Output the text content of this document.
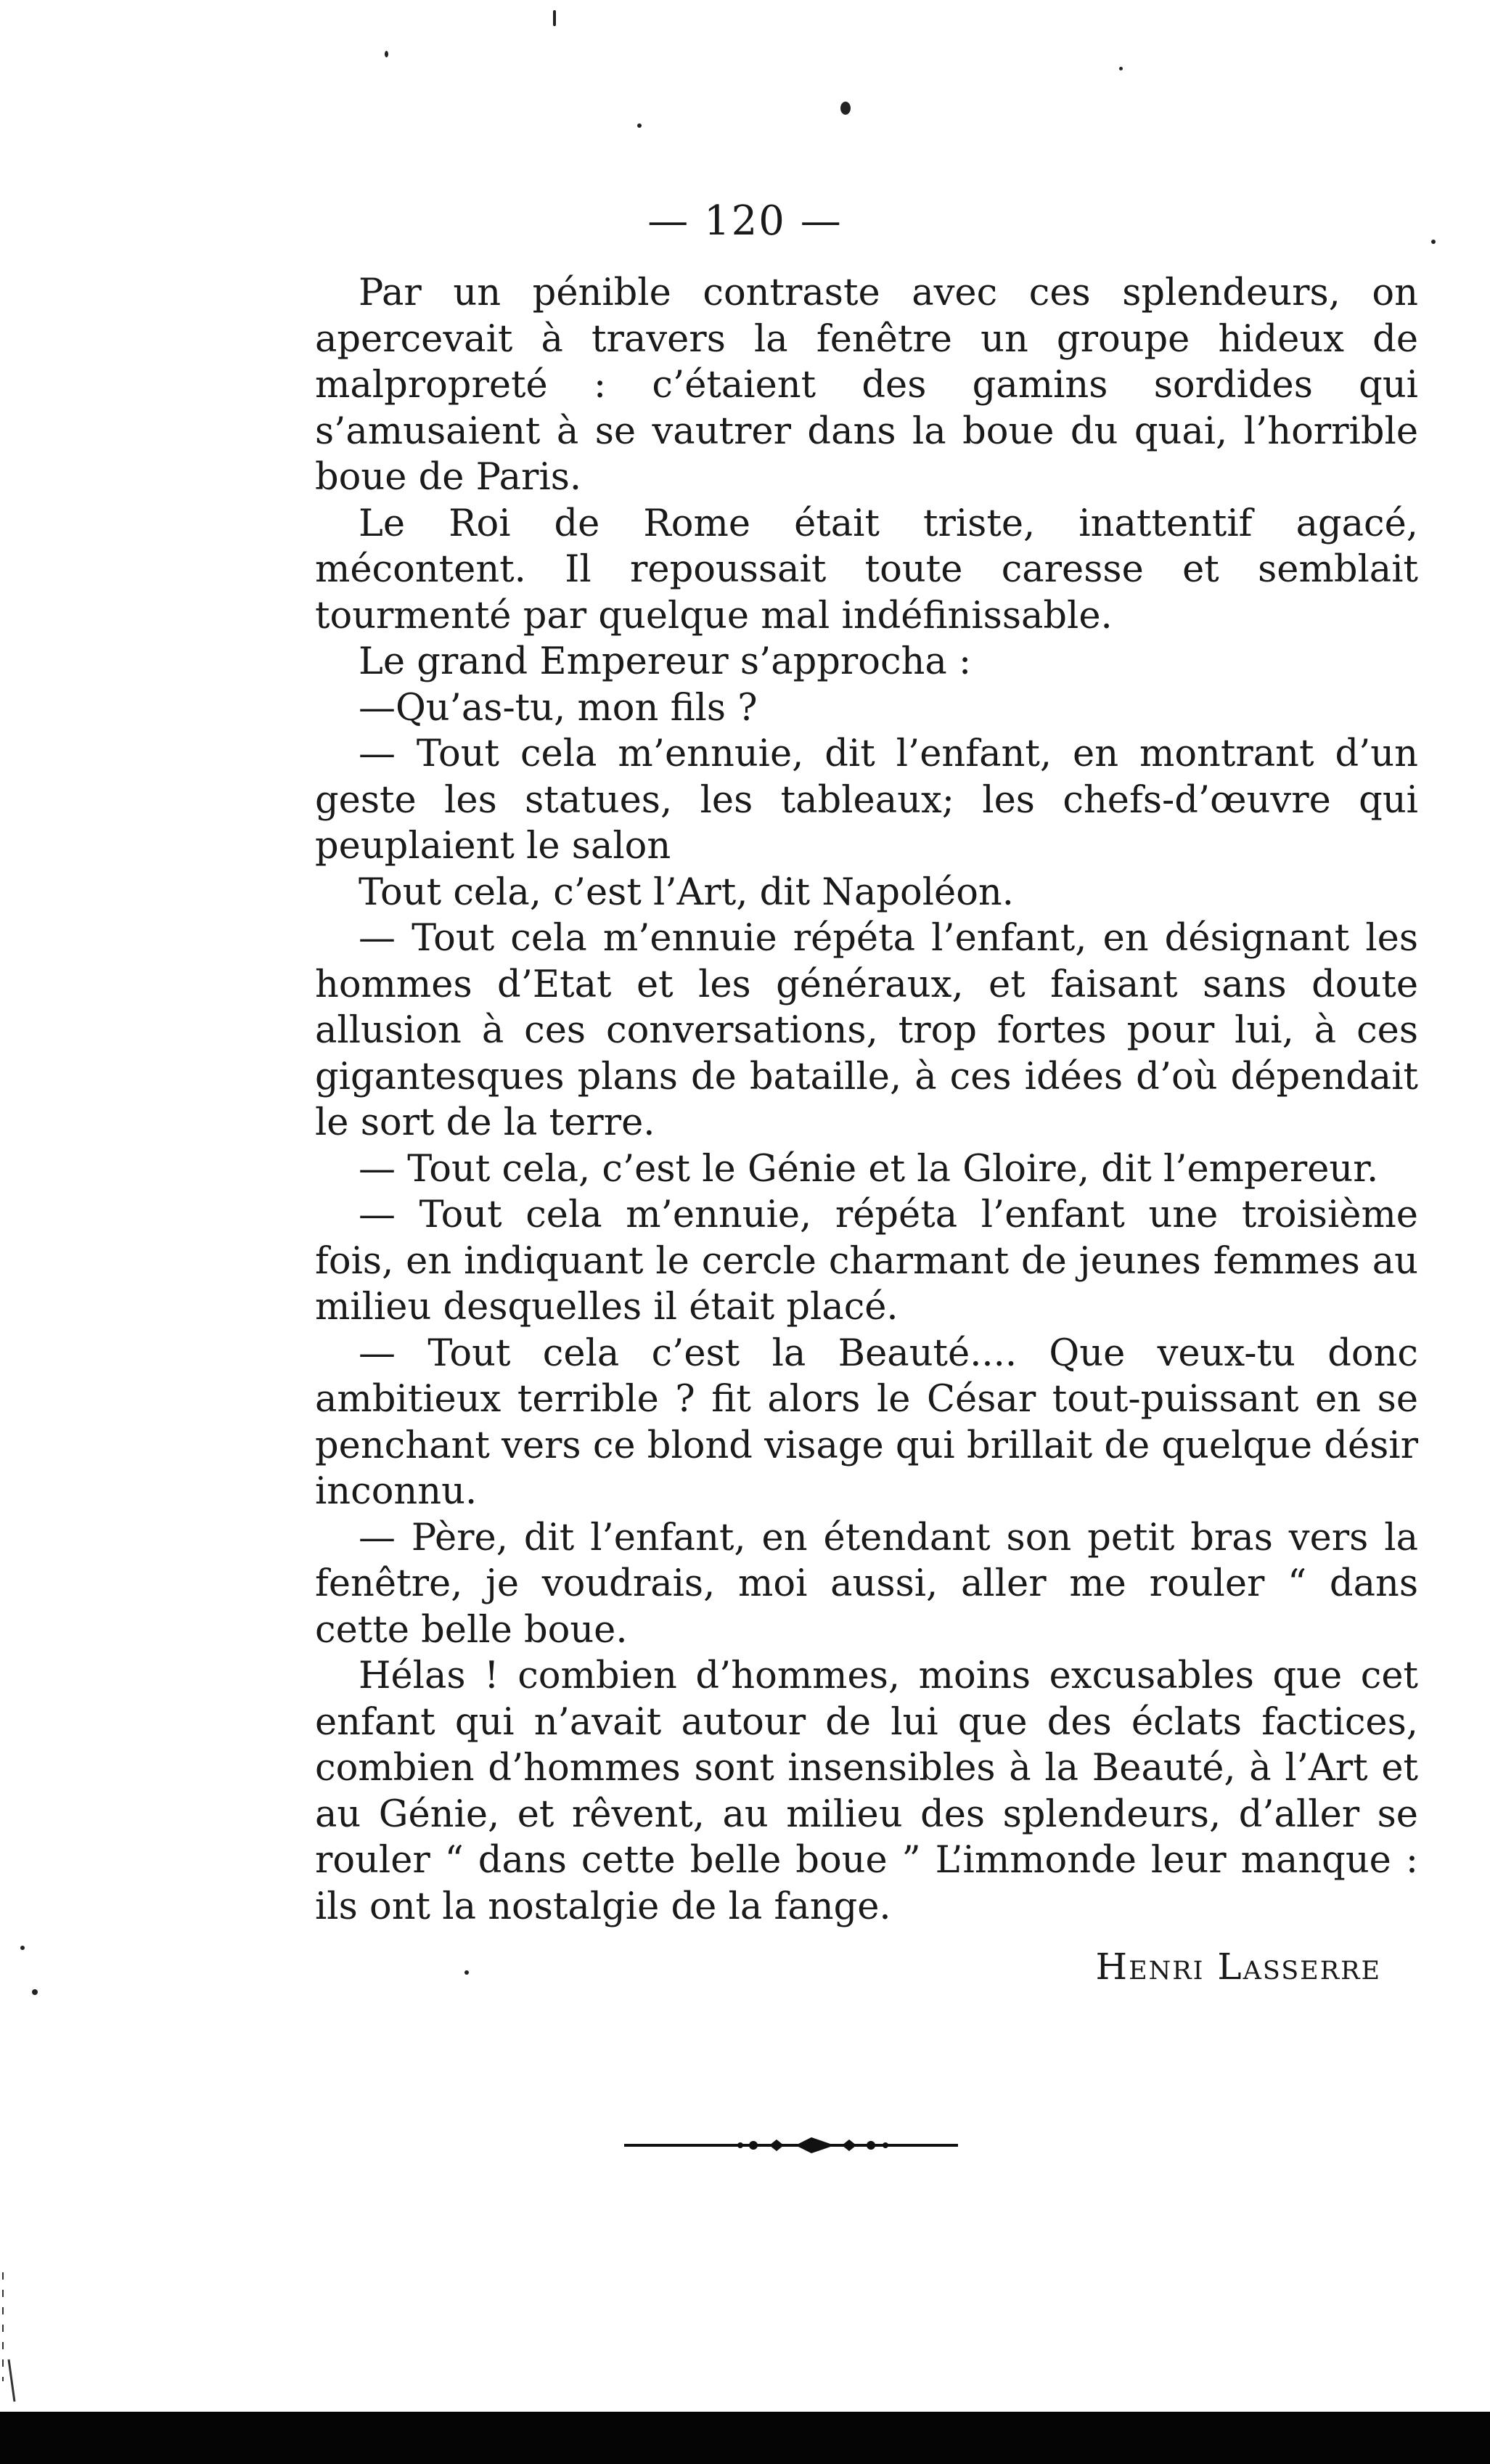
— 120 —

Par un pénible contraste avec ces splendeurs, on apercevait à travers la fenêtre un groupe hideux de malpropreté : c’étaient des gamins sordides qui s’amusaient à se vautrer dans la boue du quai, l’horrible boue de Paris.

Le Roi de Rome était triste, inattentif agacé, mécontent. Il repoussait toute caresse et semblait tourmenté par quelque mal indéfinissable.

Le grand Empereur s’approcha :

—Qu’as-tu, mon fils ?

— Tout cela m’ennuie, dit l’enfant, en montrant d’un geste les statues, les tableaux; les chefs-d’œuvre qui peuplaient le salon

Tout cela, c’est l’Art, dit Napoléon.

— Tout cela m’ennuie répéta l’enfant, en désignant les hommes d’Etat et les généraux, et faisant sans doute allusion à ces conversations, trop fortes pour lui, à ces gigantesques plans de bataille, à ces idées d’où dépendait le sort de la terre.

— Tout cela, c’est le Génie et la Gloire, dit l’empereur.

— Tout cela m’ennuie, répéta l’enfant une troisième fois, en indiquant le cercle charmant de jeunes femmes au milieu desquelles il était placé.

— Tout cela c’est la Beauté.... Que veux-tu donc ambitieux terrible ? fit alors le César tout-puissant en se penchant vers ce blond visage qui brillait de quelque désir inconnu.

— Père, dit l’enfant, en étendant son petit bras vers la fenêtre, je voudrais, moi aussi, aller me rouler “ dans cette belle boue.

Hélas ! combien d’hommes, moins excusables que cet enfant qui n’avait autour de lui que des éclats factices, combien d’hommes sont insensibles à la Beauté, à l’Art et au Génie, et rêvent, au milieu des splendeurs, d’aller se rouler “ dans cette belle boue ” L’immonde leur manque : ils ont la nostalgie de la fange.

Henri Lasserre
